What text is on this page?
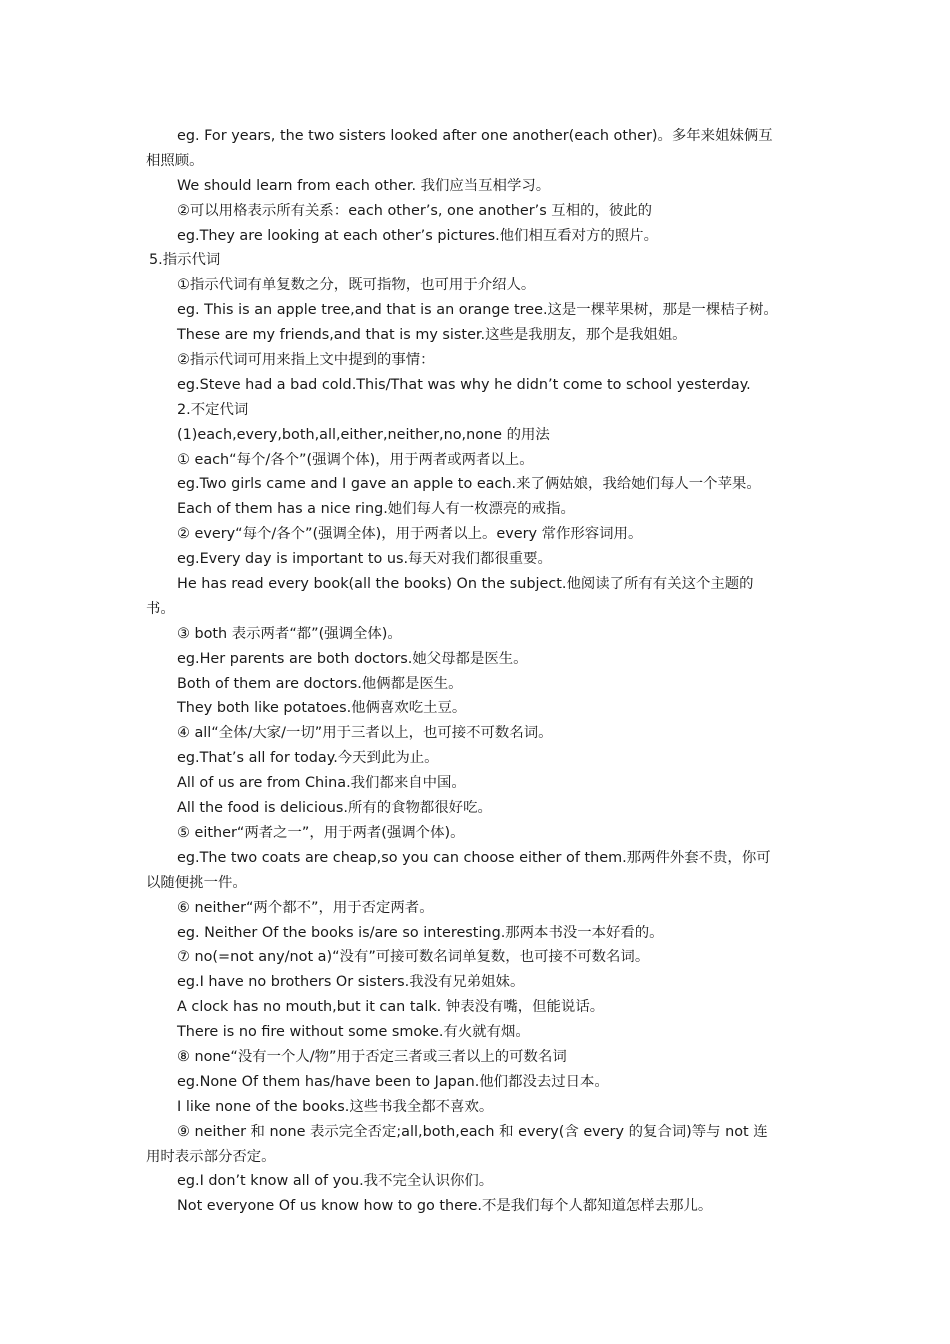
eg. For years, the two sisters looked after one another(each other)。多年来姐妹俩互
相照顾。
We should learn from each other. 我们应当互相学习。
②可以用格表示所有关系：each other’s, one another’s 互相的，彼此的
eg.They are looking at each other’s pictures.他们相互看对方的照片。
5.指示代词
①指示代词有单复数之分，既可指物，也可用于介绍人。
eg. This is an apple tree,and that is an orange tree.这是一棵苹果树，那是一棵桔子树。
These are my friends,and that is my sister.这些是我朋友，那个是我姐姐。
②指示代词可用来指上文中提到的事情：
eg.Steve had a bad cold.This/That was why he didn’t come to school yesterday.
2.不定代词
(1)each,every,both,all,either,neither,no,none 的用法
① each“每个/各个”(强调个体)，用于两者或两者以上。
eg.Two girls came and I gave an apple to each.来了俩姑娘，我给她们每人一个苹果。
Each of them has a nice ring.她们每人有一枚漂亮的戒指。
② every“每个/各个”(强调全体)，用于两者以上。every 常作形容词用。
eg.Every day is important to us.每天对我们都很重要。
He has read every book(all the books) On the subject.他阅读了所有有关这个主题的
书。
③ both 表示两者“都”(强调全体)。
eg.Her parents are both doctors.她父母都是医生。
Both of them are doctors.他俩都是医生。
They both like potatoes.他俩喜欢吃土豆。
④ all“全体/大家/一切”用于三者以上，也可接不可数名词。
eg.That’s all for today.今天到此为止。
All of us are from China.我们都来自中国。
All the food is delicious.所有的食物都很好吃。
⑤ either“两者之一”，用于两者(强调个体)。
eg.The two coats are cheap,so you can choose either of them.那两件外套不贵，你可
以随便挑一件。
⑥ neither“两个都不”，用于否定两者。
eg. Neither Of the books is/are so interesting.那两本书没一本好看的。
⑦ no(=not any/not a)“没有”可接可数名词单复数，也可接不可数名词。
eg.I have no brothers Or sisters.我没有兄弟姐妹。
A clock has no mouth,but it can talk. 钟表没有嘴，但能说话。
There is no fire without some smoke.有火就有烟。
⑧ none“没有一个人/物”用于否定三者或三者以上的可数名词
eg.None Of them has/have been to Japan.他们都没去过日本。
I like none of the books.这些书我全都不喜欢。
⑨ neither 和 none 表示完全否定;all,both,each 和 every(含 every 的复合词)等与 not 连
用时表示部分否定。
eg.I don’t know all of you.我不完全认识你们。
Not everyone Of us know how to go there.不是我们每个人都知道怎样去那儿。
